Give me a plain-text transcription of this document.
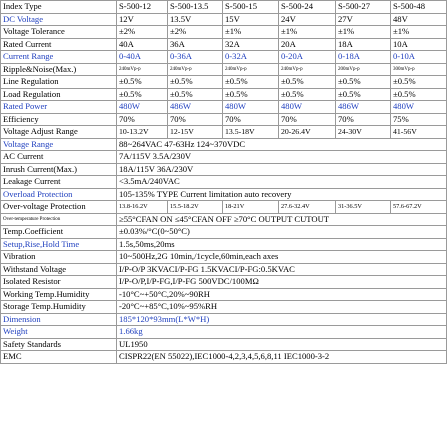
Index Type	S-500-12	S-500-13.5	S-500-15	S-500-24	S-500-27	S-500-48
DC Voltage	12V	13.5V	15V	24V	27V	48V
Voltage Tolerance	±2%	±2%	±1%	±1%	±1%	±1%
Rated Current	40A	36A	32A	20A	18A	10A
Current Range	0-40A	0-36A	0-32A	0-20A	0-18A	0-10A
Ripple&Noise(Max.)	240mVp-p	240mVp-p	240mVp-p	240mVp-p	200mVp-p	300mVp-p
Line Regulation	±0.5%	±0.5%	±0.5%	±0.5%	±0.5%	±0.5%
Load Regulation	±0.5%	±0.5%	±0.5%	±0.5%	±0.5%	±0.5%
Rated Power	480W	486W	480W	480W	486W	480W
Efficiency	70%	70%	70%	70%	70%	75%
Voltage Adjust Range	10-13.2V	12-15V	13.5-18V	20-26.4V	24-30V	41-56V
Voltage Range	88~264VAC 47-63Hz 124~370VDC					
AC Current	7A/115V 3.5A/230V					
Inrush Current(Max.)	18A/115V 36A/230V					
Leakage Current	<3.5mA/240VAC					
Overload Protection	105-135% TYPE Current limitation auto recovery					
Over-voltage Protection	13.8-16.2V	15.5-18.2V	18-21V	27.6-32.4V	31-36.5V	57.6-67.2V
Over-temperature Protection	≥55°CFAN ON ≤45°CFAN OFF ≥70°C OUTPUT CUTOUT					
Temp.Coefficient	±0.03%/°C(0~50°C)					
Setup,Rise,Hold Time	1.5s,50ms,20ms					
Vibration	10~500Hz,2G 10min,/1cycle,60min,each axes					
Withstand Voltage	I/P-O/P 3KVACI/P-FG 1.5KVACI/P-FG:0.5KVAC					
Isolated Resistor	I/P-O/P,I/P-FG,I/P-FG 500VDC/100MΩ					
Working Temp.Humidity	-10°C~+50°C,20%~90RH					
Storage Temp.Humidity	-20°C~+85°C,10%~95%RH					
Dimension	185*120*93mm(L*W*H)					
Weight	1.66kg					
Safety Standards	UL1950					
EMC	CISPR22(EN 55022),IEC1000-4,2,3,4,5,6,8,11 IEC1000-3-2					
